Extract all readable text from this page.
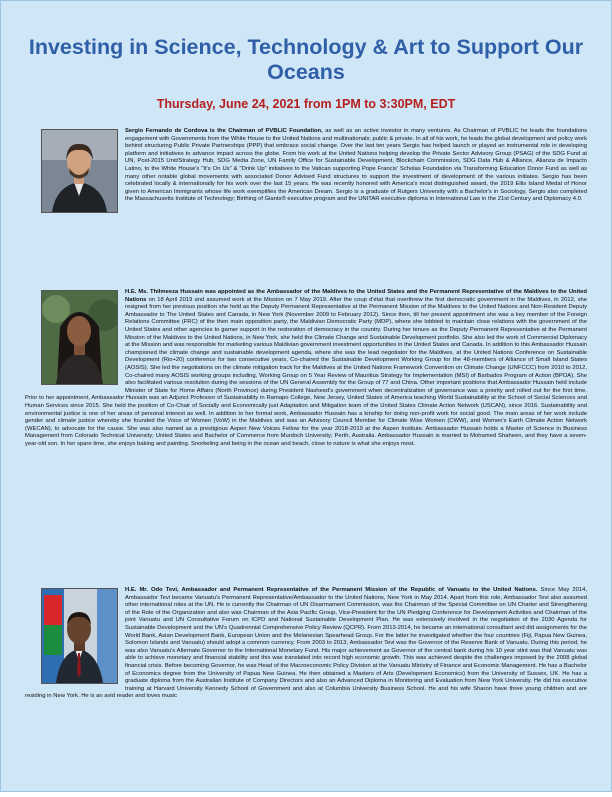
Investing in Science, Technology & Art to Support Our Oceans

Thursday, June 24, 2021 from 1PM to 3:30PM, EDT

Sergio Fernando de Cordova is the Chairman of PVBLIC Foundation, as well as an active investor in many ventures. As Chairman of PVBLIC he leads the foundations engagement with Governments from the White House to the United Nations and multinationals; public & private. In all of his work, he leads the global development and policy work behind structuring Public Private Partnerships (PPP) that embrace social change. Over the last ten years Sergio has helped launch or played an instrumental role in developing platform and initiatives to advance impact across the globe. From his work at the United Nations helping develop the Private Sector Advisory Group (PSAG) of the SDG Fund at UN, Post-2015 Unit/Strategy Hub, SDG Media Zone, UN Family Office for Sustainable Development, Blockchain Commission, SDG Data Hub & Alliance, Alianza de Impacto Latino, to the White House's "It's On Us" & "Drink Up" initiatives to the Vatican supporting Pope Francis' Scholas Foundation via Transforming Education Donor Fund as well as many other notable global movements with associated Donor Advised Fund structures to support the investment of development of the various initiates. Sergio has been celebrated locally & internationally for his work over the last 15 years. He was recently honored with America's most distinguished award, the 2019 Ellis Island Medal of Honor given to American Immigrants whose life work exemplifies the American Dream. Sergio is a graduate of Rutgers University with a Bachelor's in Sociology, Sergio also completed the Massachusetts Institute of Technology; Birthing of Giants® executive program and the UNITAR executive diploma in International Law in the 21st Century and Diplomacy 4.0.
H.E. Ms. Thilmeeza Hussain was appointed as the Ambassador of the Maldives to the United States and the Permanent Representative of the Maldives to the United Nations on 18 April 2019 and assumed work at the Mission on 7 May 2019. After the coup d'état that overthrew the first democratic government in the Maldives, in 2012, she resigned from her previous position she held as the Deputy Permanent Representative at the Permanent Mission of the Maldives to the United Nations and Non-Resident Deputy Ambassador to The United States and Canada, in New York (November 2009 to February 2012). Since then, till her present appointment she was a key member of the Foreign Relations Committee (FRC) of the then main opposition party, the Maldivian Democratic Party (MDP), where she lobbied to maintain close relations with the government of the United States and other agencies to garner support in the restoration of democracy in the country. During her tenure as the Deputy Permanent Representative at the Permanent Mission of the Maldives to the United Nations, in New York, she held the Climate Change and Sustainable Development portfolio. She also led the work of Commercial Diplomacy at the Mission and was responsible for marketing various Maldivian government investment opportunities in the United States and Canada. In addition to this Ambassador Hussain championed the climate change and sustainable development agenda, where she was the lead negotiator for the Maldives, at the United Nations Conference on Sustainable Development (Rio+20) conference for two consecutive years, Co-chaired the Sustainable Development Working Group for the 48-members of Alliance of Small Island States (AOSIS). She led the negotiations on the climate mitigation track for the Maldives at the United Nations Framework Convention on Climate Change (UNFCCC) from 2010 to 2012, Co-chaired many AOSIS working groups including, Working Group on 5 Year Review of Mauritius Strategy for Implementation (MSI) of Barbados Program of Action (BPOA). She also facilitated various resolution during the sessions of the UN General Assembly for the Group of 77 and China. Other important positions that Ambassador Hussain held include Minister of State for Home Affairs (North Province) during President Nasheed's government when decentralization of governance was a priority and rolled out for the first time. Prior to her appointment, Ambassador Hussain was an Adjunct Professor of Sustainability in Ramapo College, New Jersey, United States of America teaching World Sustainability at the School of Social Sciences and Human Services since 2015. She held the position of Co-Chair of Socially and Economically just Adaptation and Mitigation team of the United States Climate Action Network (USCAN), since 2016. Sustainability and environmental justice is one of her areas of personal interest as well. In addition to her formal work, Ambassador Hussain has a kinship for doing non-profit work for social good. The main areas of her work include gender and climate justice whereby she founded the Voice of Women (VoW) in the Maldives and was an Advisory Council Member for Climate Wise Women (CWW), and Women's Earth Climate Action Network (WECAN), to advocate for the cause. She was also named as a prestigious Aspen New Voices Fellow for the year 2018-2019 at the Aspen Institute. Ambassador Hussain holds a Master of Science in Business Management from Colorado Technical University; United States and Bachelor of Commerce from Murdoch University; Perth, Australia. Ambassador Hussain is married to Mohamed Shaheen, and they have a seven-year-old son. In her spare time, she enjoys baking and painting. Snorkeling and being in the ocean and beach, close to nature is what she enjoys most.
H.E. Mr. Odo Tevi, Ambassador and Permanent Representative of the Permanent Mission of the Republic of Vanuatu to the United Nations. Since May 2014, Ambassador Tevi became Vanuatu's Permanent Representative/Ambassador to the United Nations, New York in May 2014. Apart from this role, Ambassador Tevi also assumed other international roles at the UN. He is currently the Chairman of UN Disarmament Commission, was the Chairman of the Special Committee on UN Charter and Strengthening of the Role of the Organization and also was Chairman of the Asia Pacific Group, Vice-President for the UN Pledging Conference for Development Activities and Chairman of the joint Vanuatu and UN Consultative Forum on ICPD and National Sustainable Development Plan. He was extensively involved in the negotiation of the 2030 Agenda for Sustainable Development and the UN's Quadrennial Comprehensive Policy Review (QCPR). From 2013-2014, he became an international consultant and did assignments for the World Bank, Asian Development Bank, European Union and the Melanesian Spearhead Group. For the latter he investigated whether the four countries (Fiji, Papua New Guinea, Solomon Islands and Vanuatu) should adopt a common currency. From 2003 to 2013, Ambassador Tevi was the Governor of the Reserve Bank of Vanuatu. During this period, he was also Vanuatu's Alternate Governor to the International Monetary Fund. His major achievement as Governor of the central bank during his 10 year stint was that Vanuatu was able to achieve monetary and financial stability and this was translated into record high economic growth. This was achieved despite the challenges imposed by the 2008 global financial crisis. Before becoming Governor, he was Head of the Macroeconomic Policy Division at the Vanuatu Ministry of Finance and Economic Management. He has a Bachelor of Economics degree from the University of Papua New Guinea. He then obtained a Masters of Arts (Development Economics) from the University of Sussex, UK. He has a graduate diploma from the Australian Institute of Company Directors and also an Advanced Diploma in Monitoring and Evaluation from New York University. He did his executive training at Harvard University Kennedy School of Government and also at Columbia University Business School. He and his wife Sharon have three young children and are residing in New York. He is an avid reader and loves music
